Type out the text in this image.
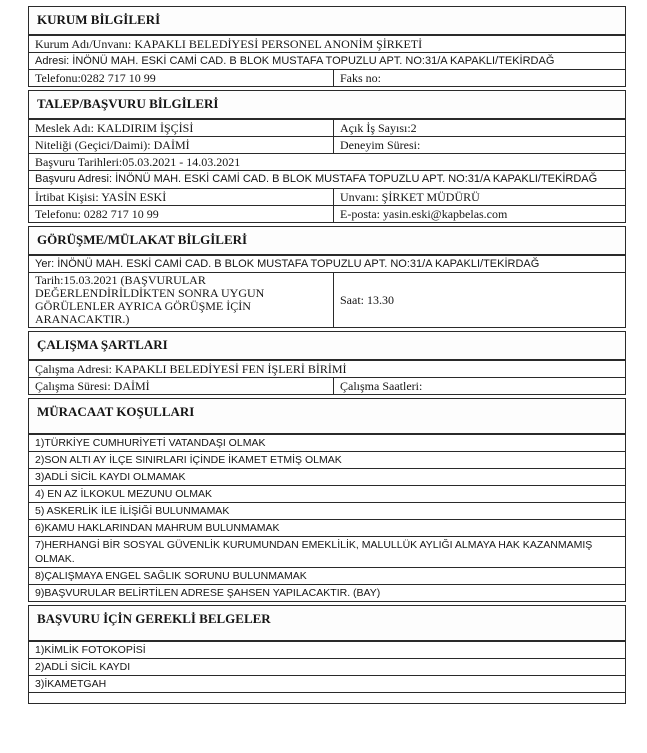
KURUM BİLGİLERİ
Kurum Adı/Unvanı: KAPAKLI BELEDİYESİ PERSONEL ANONİM ŞİRKETİ
Adresi: İNÖNÜ MAH. ESKİ CAMİ CAD. B BLOK MUSTAFA TOPUZLU APT. NO:31/A KAPAKLI/TEKİRDAĞ
Telefonu:0282 717 10 99	Faks no:
TALEP/BAŞVURU BİLGİLERİ
Meslek Adı: KALDIRIM İŞÇİSİ	Açık İş Sayısı:2
Niteliği (Geçici/Daimi): DAİMİ	Deneyim Süresi:
Başvuru Tarihleri:05.03.2021 - 14.03.2021
Başvuru Adresi: İNÖNÜ MAH. ESKİ CAMİ CAD. B BLOK MUSTAFA TOPUZLU APT. NO:31/A KAPAKLI/TEKİRDAĞ
İrtibat Kişisi: YASİN ESKİ	Unvanı: ŞİRKET MÜDÜRÜ
Telefonu: 0282 717 10 99	E-posta: yasin.eski@kapbelas.com
GÖRÜŞME/MÜLAKAT BİLGİLERİ
Yer: İNÖNÜ MAH. ESKİ CAMİ CAD. B BLOK MUSTAFA TOPUZLU APT. NO:31/A KAPAKLI/TEKİRDAĞ
Tarih:15.03.2021 (BAŞVURULAR DEĞERLENDİRİLDİKTEN SONRA UYGUN GÖRÜLENLER AYRICA GÖRÜŞME İÇİN ARANACAKTIR.)
Saat: 13.30
ÇALIŞMA ŞARTLARI
Çalışma Adresi: KAPAKLI BELEDİYESİ FEN İŞLERİ BİRİMİ
Çalışma Süresi: DAİMİ	Çalışma Saatleri:
MÜRACAAT KOŞULLARI
1)TÜRKİYE CUMHURİYETİ VATANDAŞI OLMAK
2)SON ALTI AY İLÇE SINIRLARI İÇİNDE İKAMET ETMİŞ OLMAK
3)ADLİ SİCİL KAYDI OLMAMAK
4) EN AZ İLKOKUL MEZUNU OLMAK
5) ASKERLİK İLE İLİŞİĞİ BULUNMAMAK
6)KAMU HAKLARINDAN MAHRUM BULUNMAMAK
7)HERHANGİ BİR SOSYAL GÜVENLİK KURUMUNDAN EMEKLİLİK, MALULLÜK AYLIĞI ALMAYA HAK KAZANMAMIŞ OLMAK.
8)ÇALIŞMAYA ENGEL SAĞLIK SORUNU BULUNMAMAK
9)BAŞVURULAR BELİRTİLEN ADRESE ŞAHSEN YAPILACAKTIR. (BAY)
BAŞVURU İÇİN GEREKLİ BELGELER
1)KİMLİK FOTOKOPİSİ
2)ADLİ SİCİL KAYDI
3)İKAMETGAH
